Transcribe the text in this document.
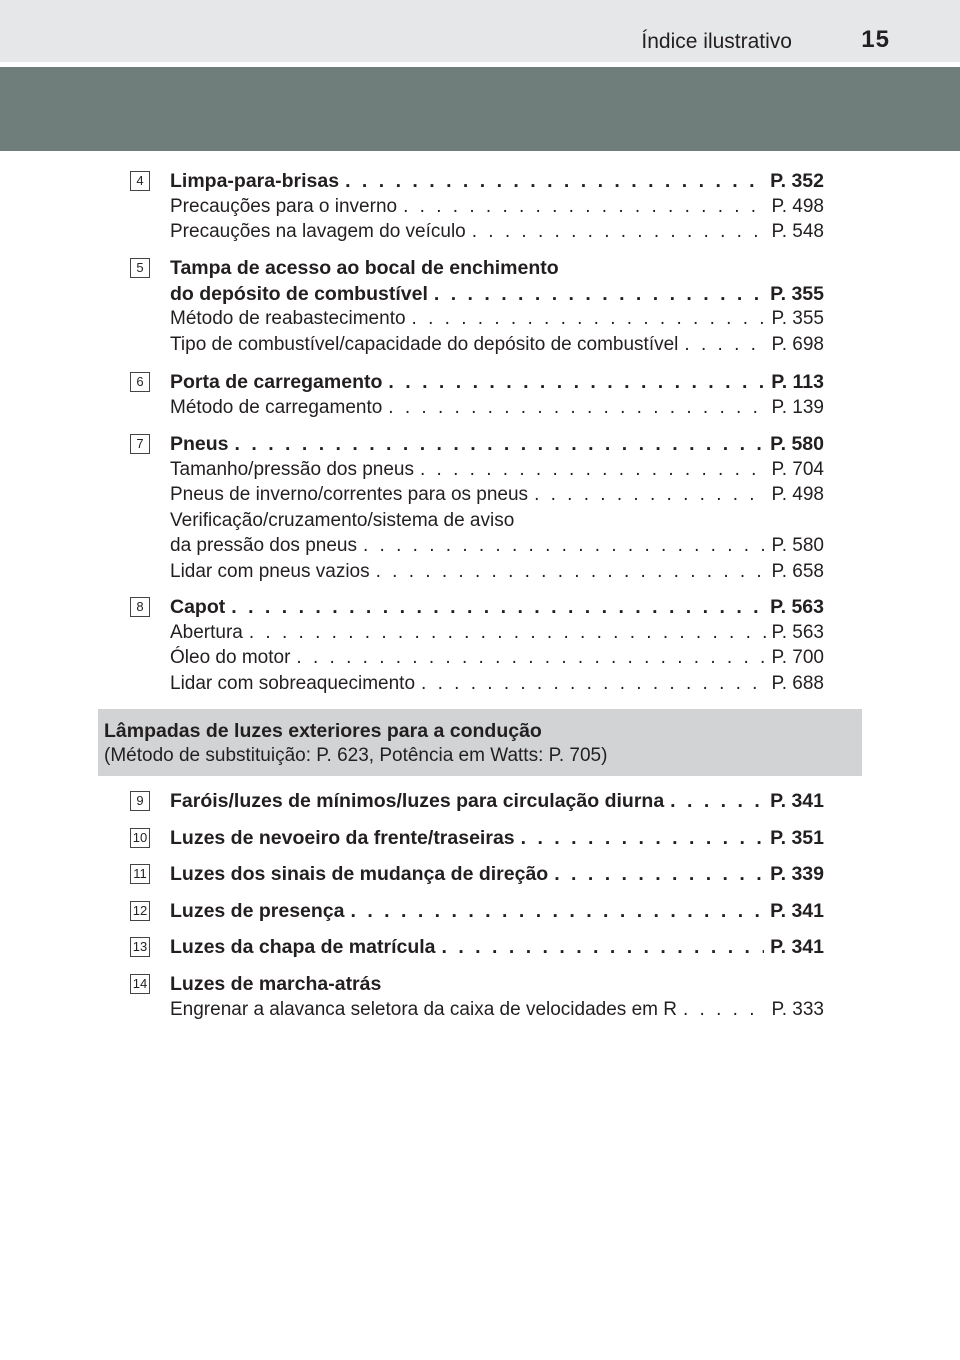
Índice ilustrativo	15
4	Limpa-para-brisas . . .	P. 352
Precauções para o inverno . . .	P. 498
Precauções na lavagem do veículo . . .	P. 548
5	Tampa de acesso ao bocal de enchimento
do depósito de combustível . . .	P. 355
Método de reabastecimento . . .	P. 355
Tipo de combustível/capacidade do depósito de combustível . . .	P. 698
6	Porta de carregamento . . .	P. 113
Método de carregamento . . .	P. 139
7	Pneus . . .	P. 580
Tamanho/pressão dos pneus . . .	P. 704
Pneus de inverno/correntes para os pneus . . .	P. 498
Verificação/cruzamento/sistema de aviso
da pressão dos pneus . . .	P. 580
Lidar com pneus vazios . . .	P. 658
8	Capot . . .	P. 563
Abertura . . .	P. 563
Óleo do motor . . .	P. 700
Lidar com sobreaquecimento . . .	P. 688
Lâmpadas de luzes exteriores para a condução
(Método de substituição: P. 623, Potência em Watts: P. 705)
9	Faróis/luzes de mínimos/luzes para circulação diurna . . .	P. 341
10 Luzes de nevoeiro da frente/traseiras . . .	P. 351
11 Luzes dos sinais de mudança de direção . . .	P. 339
12 Luzes de presença . . .	P. 341
13 Luzes da chapa de matrícula . . .	P. 341
14 Luzes de marcha-atrás
Engrenar a alavanca seletora da caixa de velocidades em R . . .	P. 333
